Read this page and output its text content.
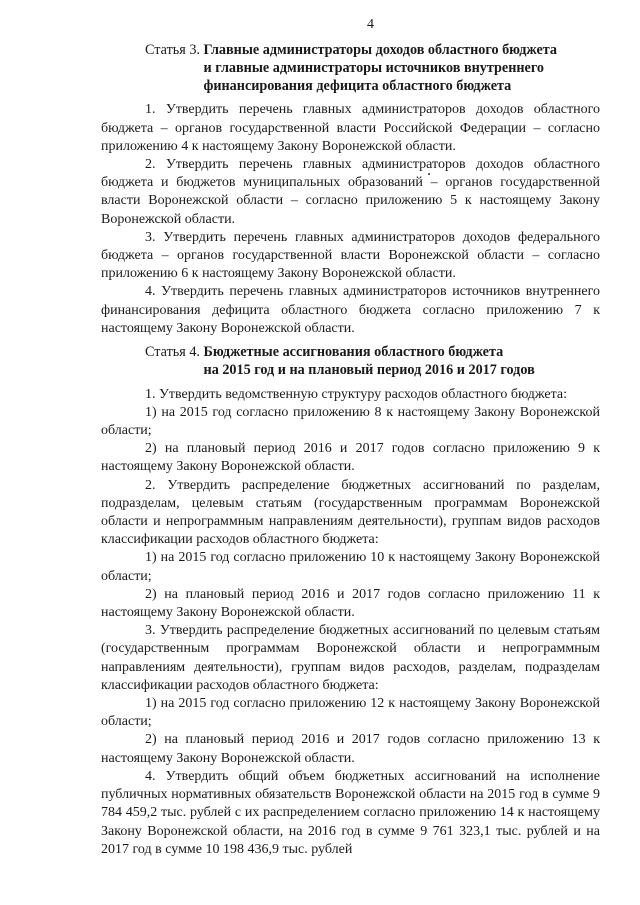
4
Статья 3. Главные администраторы доходов областного бюджета
и главные администраторы источников внутреннего
финансирования дефицита областного бюджета

1. Утвердить перечень главных администраторов доходов областного бюджета – органов государственной власти Российской Федерации – согласно приложению 4 к настоящему Закону Воронежской области.

2. Утвердить перечень главных администраторов доходов областного бюджета и бюджетов муниципальных образований – органов государственной власти Воронежской области – согласно приложению 5 к настоящему Закону Воронежской области.

3. Утвердить перечень главных администраторов доходов федерального бюджета – органов государственной власти Воронежской области – согласно приложению 6 к настоящему Закону Воронежской области.

4. Утвердить перечень главных администраторов источников внутреннего финансирования дефицита областного бюджета согласно приложению 7 к настоящему Закону Воронежской области.

Статья 4. Бюджетные ассигнования областного бюджета
на 2015 год и на плановый период 2016 и 2017 годов

1. Утвердить ведомственную структуру расходов областного бюджета:

1) на 2015 год согласно приложению 8 к настоящему Закону Воронежской области;

2) на плановый период 2016 и 2017 годов согласно приложению 9 к настоящему Закону Воронежской области.

2. Утвердить распределение бюджетных ассигнований по разделам, подразделам, целевым статьям (государственным программам Воронежской области и непрограммным направлениям деятельности), группам видов расходов классификации расходов областного бюджета:

1) на 2015 год согласно приложению 10 к настоящему Закону Воронежской области;

2) на плановый период 2016 и 2017 годов согласно приложению 11 к настоящему Закону Воронежской области.

3. Утвердить распределение бюджетных ассигнований по целевым статьям (государственным программам Воронежской области и непрограммным направлениям деятельности), группам видов расходов, разделам, подразделам классификации расходов областного бюджета:

1) на 2015 год согласно приложению 12 к настоящему Закону Воронежской области;

2) на плановый период 2016 и 2017 годов согласно приложению 13 к настоящему Закону Воронежской области.

4. Утвердить общий объем бюджетных ассигнований на исполнение публичных нормативных обязательств Воронежской области на 2015 год в сумме 9 784 459,2 тыс. рублей с их распределением согласно приложению 14 к настоящему Закону Воронежской области, на 2016 год в сумме 9 761 323,1 тыс. рублей и на 2017 год в сумме 10 198 436,9 тыс. рублей
